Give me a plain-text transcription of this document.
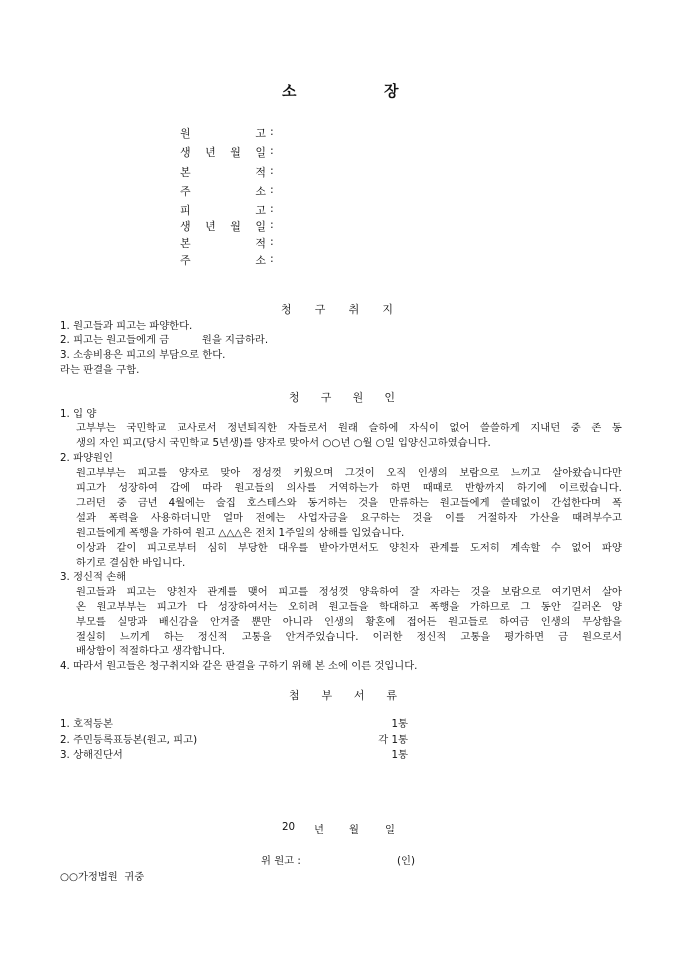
소	장
원	고 :
생 년 월 일 :
본	적 :
주	소 :
피	고 :
생 년 월 일 :
본	적 :
주	소 :
청 구 취 지
1. 원고들과 피고는 파양한다.
2. 피고는 원고들에게 금          원을 지급하라.
3. 소송비용은 피고의 부담으로 한다.
라는 판결을 구함.
청 구 원 인
1. 입 양
고부부는 국민학교 교사로서 정년퇴직한 자들로서 원래 슬하에 자식이 없어 쓸쓸하게 지내던 중 존 동
생의 자인 피고(당시 국민학교 5년생)를 양자로 맞아서 ○○년 ○월 ○일 입양신고하였습니다.
2. 파양원인
원고부부는 피고를 양자로 맞아 정성껏 키웠으며 그것이 오직 인생의 보람으로 느끼고 살아왔습니다만
피고가 성장하여 갑에 따라 원고들의 의사를 거역하는가 하면 때때로 반항까지 하기에 이르렀습니다.
그러던 중 금년 4월에는 술집 호스테스와 동거하는 것을 만류하는 원고들에게 쓸데없이 간섭한다며 폭
설과 폭력을 사용하더니만 얼마 전에는 사업자금을 요구하는 것을 이를 거절하자 가산을 때려부수고
원고들에게 폭행을 가하여 원고 △△△은 전치 1주일의 상해를 입었습니다.
이상과 같이 피고로부터 심히 부당한 대우를 받아가면서도 양친자 관계를 도저히 계속할 수 없어 파양
하기로 결심한 바입니다.
3. 정신적 손해
원고들과 피고는 양친자 관계를 맺어 피고를 정성껏 양육하여 잘 자라는 것을 보람으로 여기면서 살아
온 원고부부는 피고가 다 성장하여서는 오히려 원고들을 학대하고 폭행을 가하므로 그 동안 길러온 양
부모를 실망과 배신감을 안겨줄 뿐만 아니라 인생의 황혼에 접어든 원고들로 하여금 인생의 무상함을
절실히 느끼게 하는 정신적 고통을 안겨주었습니다. 이러한 정신적 고통을 평가하면 금 원으로서
배상함이 적절하다고 생각합니다.
4. 따라서 원고들은 청구취지와 같은 판결을 구하기 위해 본 소에 이른 것입니다.
첨 부 서 류
1. 호적등본	1통
2. 주민등록표등본(원고, 피고)	각 1통
3. 상해진단서	1통
20 년 월	일
위 원고 :	(인)
○○가정법원  귀중
